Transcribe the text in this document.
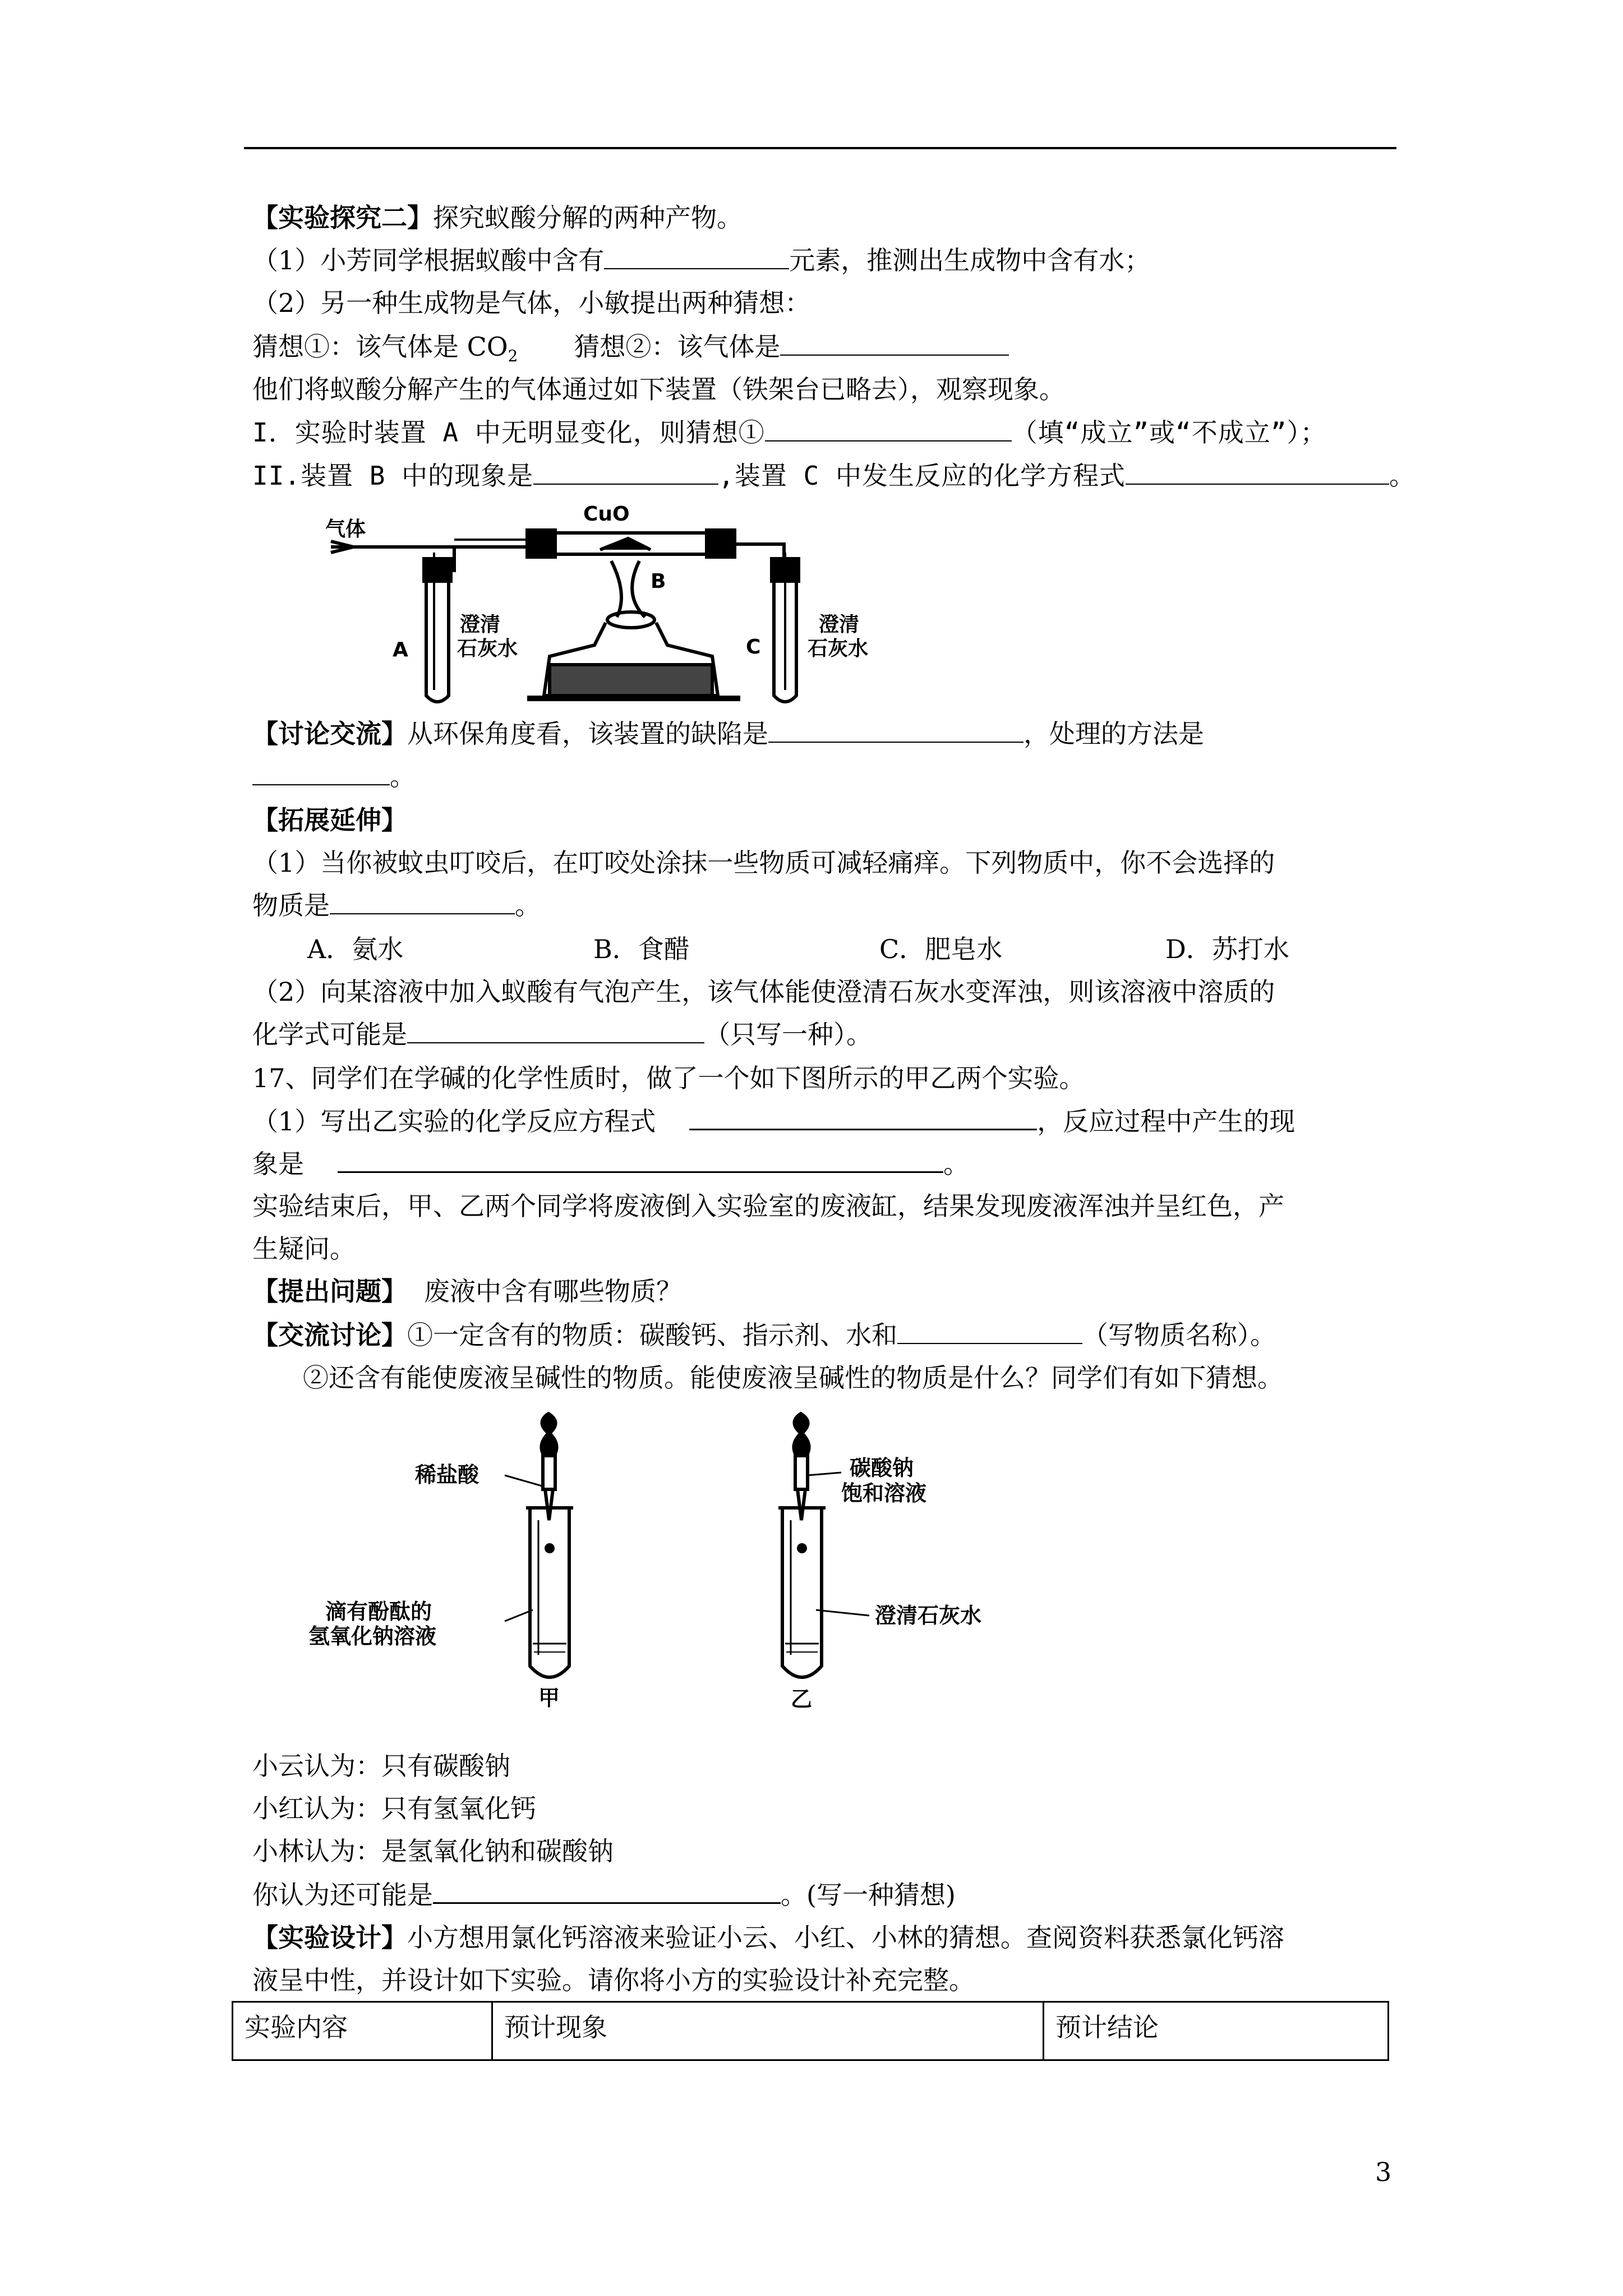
【实验探究二】探究蚁酸分解的两种产物。
（1）小芳同学根据蚁酸中含有	元素，推测出生成物中含有水；
（2）另一种生成物是气体，小敏提出两种猜想：
猜想①：该气体是 $CO_2$ 猜想②：该气体是
他们将蚁酸分解产生的气体通过如下装置（铁架台已略去），观察现象。
I．实验时装置 A 中无明显变化，则猜想①	（填“成立”或“不成立”）；
II.装置 B 中的现象是	,装置 C 中发生反应的化学方程式	。
气体
CuO
B
A
澄清
石灰水	C
澄清
石灰水
【讨论交流】从环保角度看，该装置的缺陷是	，处理的方法是
。
【拓展延伸】
（1）当你被蚊虫叮咬后，在叮咬处涂抹一些物质可减轻痛痒。下列物质中，你不会选择的
物质是	。
A．氨水	B．食醋	C．肥皂水	D．苏打水
（2）向某溶液中加入蚁酸有气泡产生，该气体能使澄清石灰水变浑浊，则该溶液中溶质的
化学式可能是	（只写一种）。
17、同学们在学碱的化学性质时，做了一个如下图所示的甲乙两个实验。
（1）写出乙实验的化学反应方程式	，反应过程中产生的现
象是	。
实验结束后，甲、乙两个同学将废液倒入实验室的废液缸，结果发现废液浑浊并呈红色，产
生疑问。
【提出问题】 废液中含有哪些物质？
【交流讨论】①一定含有的物质：碳酸钙、指示剂、水和	（写物质名称）。
②还含有能使废液呈碱性的物质。能使废液呈碱性的物质是什么？同学们有如下猜想。
稀盐酸
滴有酚酞的
氢氧化钠溶液
甲
碳酸钠
饱和溶液
澄清石灰水
乙
小云认为：只有碳酸钠
小红认为：只有氢氧化钙
小林认为：是氢氧化钠和碳酸钠
你认为还可能是	。(写一种猜想)
【实验设计】小方想用氯化钙溶液来验证小云、小红、小林的猜想。查阅资料获悉氯化钙溶
液呈中性，并设计如下实验。请你将小方的实验设计补充完整。
实验内容	预计现象	预计结论
3
